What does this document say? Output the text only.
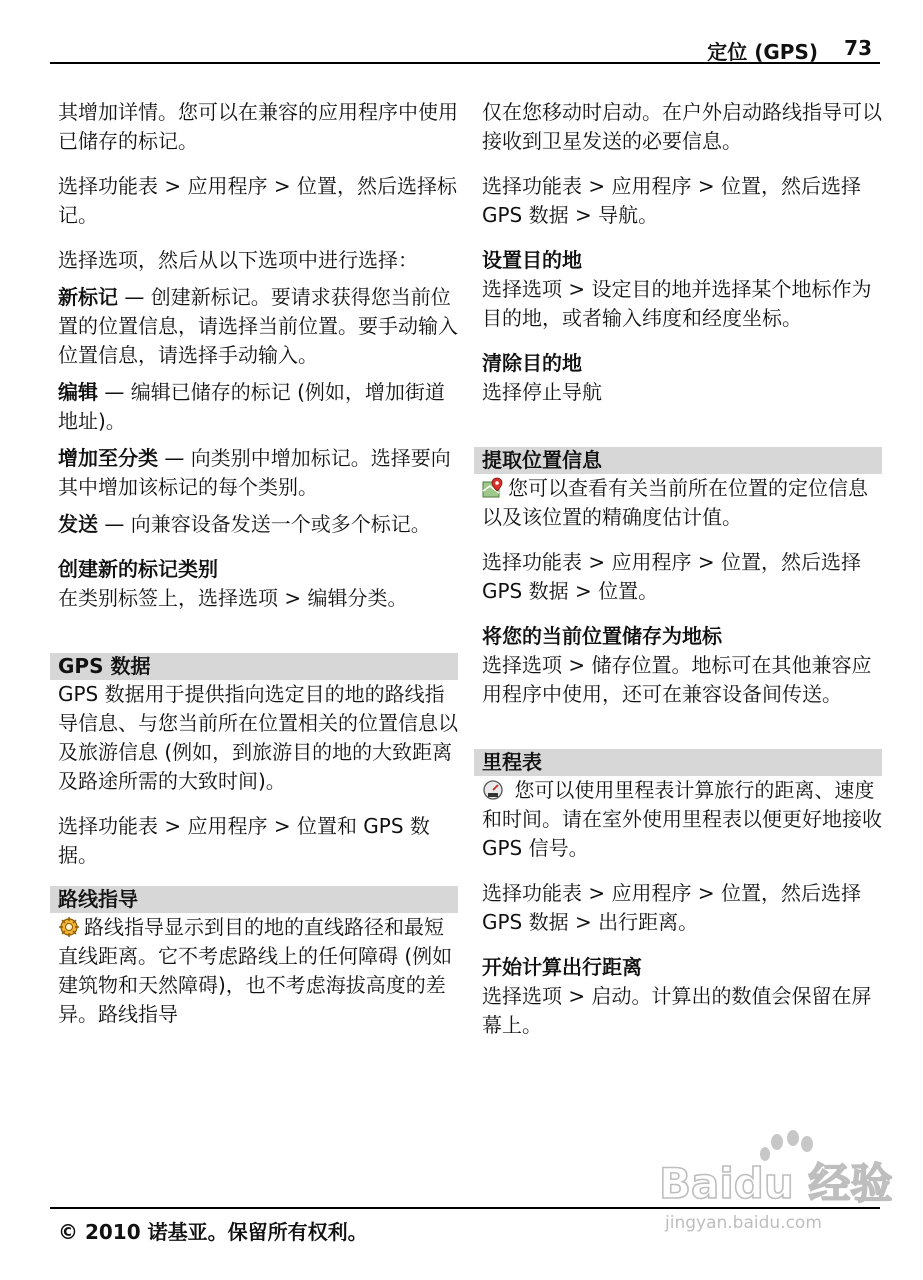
定位 (GPS) 73

其增加详情。您可以在兼容的应用程序中使用已储存的标记。

选择功能表 > 应用程序 > 位置，然后选择标记。

选择选项，然后从以下选项中进行选择：

新标记 — 创建新标记。要请求获得您当前位置的位置信息，请选择当前位置。要手动输入位置信息，请选择手动输入。

编辑 — 编辑已储存的标记 (例如，增加街道地址)。

增加至分类 — 向类别中增加标记。选择要向其中增加该标记的每个类别。

发送 — 向兼容设备发送一个或多个标记。

创建新的标记类别

在类别标签上，选择选项 > 编辑分类。

GPS 数据

GPS 数据用于提供指向选定目的地的路线指导信息、与您当前所在位置相关的位置信息以及旅游信息 (例如，到旅游目的地的大致距离及路途所需的大致时间)。

选择功能表 > 应用程序 > 位置和 GPS 数据。

路线指导

路线指导显示到目的地的直线路径和最短直线距离。它不考虑路线上的任何障碍 (例如建筑物和天然障碍)，也不考虑海拔高度的差异。路线指导

仅在您移动时启动。在户外启动路线指导可以接收到卫星发送的必要信息。

选择功能表 > 应用程序 > 位置，然后选择 GPS 数据 > 导航。

设置目的地

选择选项 > 设定目的地并选择某个地标作为目的地，或者输入纬度和经度坐标。

清除目的地

选择停止导航

提取位置信息

您可以查看有关当前所在位置的定位信息以及该位置的精确度估计值。

选择功能表 > 应用程序 > 位置，然后选择 GPS 数据 > 位置。

将您的当前位置储存为地标

选择选项 > 储存位置。地标可在其他兼容应用程序中使用，还可在兼容设备间传送。

里程表

您可以使用里程表计算旅行的距离、速度和时间。请在室外使用里程表以便更好地接收 GPS 信号。

选择功能表 > 应用程序 > 位置，然后选择 GPS 数据 > 出行距离。

开始计算出行距离

选择选项 > 启动。计算出的数值会保留在屏幕上。

Baidu 经验
jingyan.baidu.com
© 2010 诺基亚。保留所有权利。
